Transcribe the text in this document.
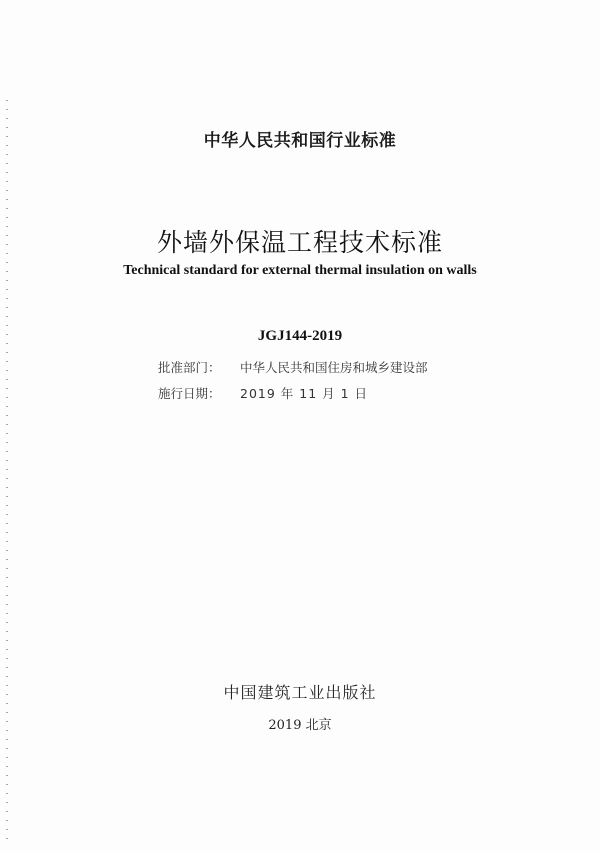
中华人民共和国行业标准
外墙外保温工程技术标准
Technical standard for external thermal insulation on walls
JGJ144-2019
批准部门： 中华人民共和国住房和城乡建设部
施行日期： 2019 年 11 月 1 日
中国建筑工业出版社
2019 北京
